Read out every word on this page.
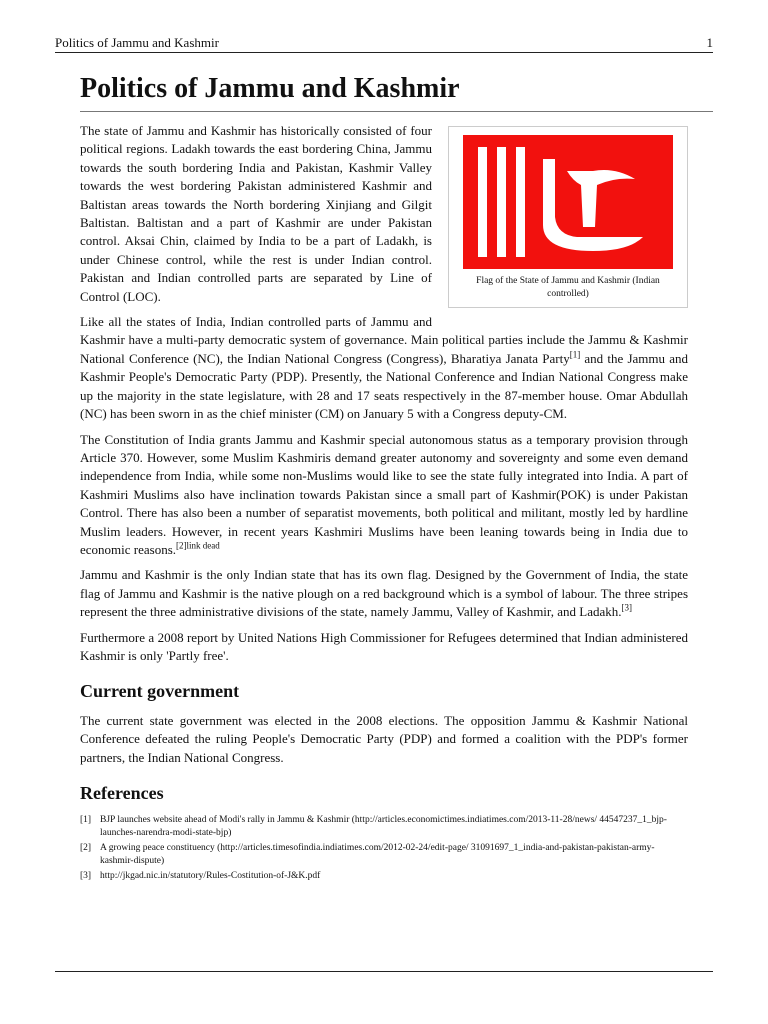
Politics of Jammu and Kashmir	1
Politics of Jammu and Kashmir
Flag of the State of Jammu and Kashmir (Indian controlled)

The state of Jammu and Kashmir has historically consisted of four political regions. Ladakh towards the east bordering China, Jammu towards the south bordering India and Pakistan, Kashmir Valley towards the west bordering Pakistan administered Kashmir and Baltistan areas towards the North bordering Xinjiang and Gilgit Baltistan. Baltistan and a part of Kashmir are under Pakistan control. Aksai Chin, claimed by India to be a part of Ladakh, is under Chinese control, while the rest is under Indian control. Pakistan and Indian controlled parts are separated by Line of Control (LOC).

Like all the states of India, Indian controlled parts of Jammu and Kashmir have a multi-party democratic system of governance. Main political parties include the Jammu & Kashmir National Conference (NC), the Indian National Congress (Congress), Bharatiya Janata Party[1] and the Jammu and Kashmir People's Democratic Party (PDP). Presently, the National Conference and Indian National Congress make up the majority in the state legislature, with 28 and 17 seats respectively in the 87-member house. Omar Abdullah (NC) has been sworn in as the chief minister (CM) on January 5 with a Congress deputy-CM.

The Constitution of India grants Jammu and Kashmir special autonomous status as a temporary provision through Article 370. However, some Muslim Kashmiris demand greater autonomy and sovereignty and some even demand independence from India, while some non-Muslims would like to see the state fully integrated into India. A part of Kashmiri Muslims also have inclination towards Pakistan since a small part of Kashmir(POK) is under Pakistan Control. There has also been a number of separatist movements, both political and militant, mostly led by hardline Muslim leaders. However, in recent years Kashmiri Muslims have been leaning towards being in India due to economic reasons.$^{[2]link dead}$

Jammu and Kashmir is the only Indian state that has its own flag. Designed by the Government of India, the state flag of Jammu and Kashmir is the native plough on a red background which is a symbol of labour. The three stripes represent the three administrative divisions of the state, namely Jammu, Valley of Kashmir, and Ladakh.[3]

Furthermore a 2008 report by United Nations High Commissioner for Refugees determined that Indian administered Kashmir is only 'Partly free'.

Current government

The current state government was elected in the 2008 elections. The opposition Jammu & Kashmir National Conference defeated the ruling People's Democratic Party (PDP) and formed a coalition with the PDP's former partners, the Indian National Congress.

References
[1] BJP launches website ahead of Modi's rally in Jammu & Kashmir (http://articles.economictimes.indiatimes.com/2013-11-28/news/ 44547237_1_bjp-launches-narendra-modi-state-bjp)
[2] A growing peace constituency (http://articles.timesofindia.indiatimes.com/2012-02-24/edit-page/ 31091697_1_india-and-pakistan-pakistan-army-kashmir-dispute)
[3] http://jkgad.nic.in/statutory/Rules-Costitution-of-J&K.pdf
